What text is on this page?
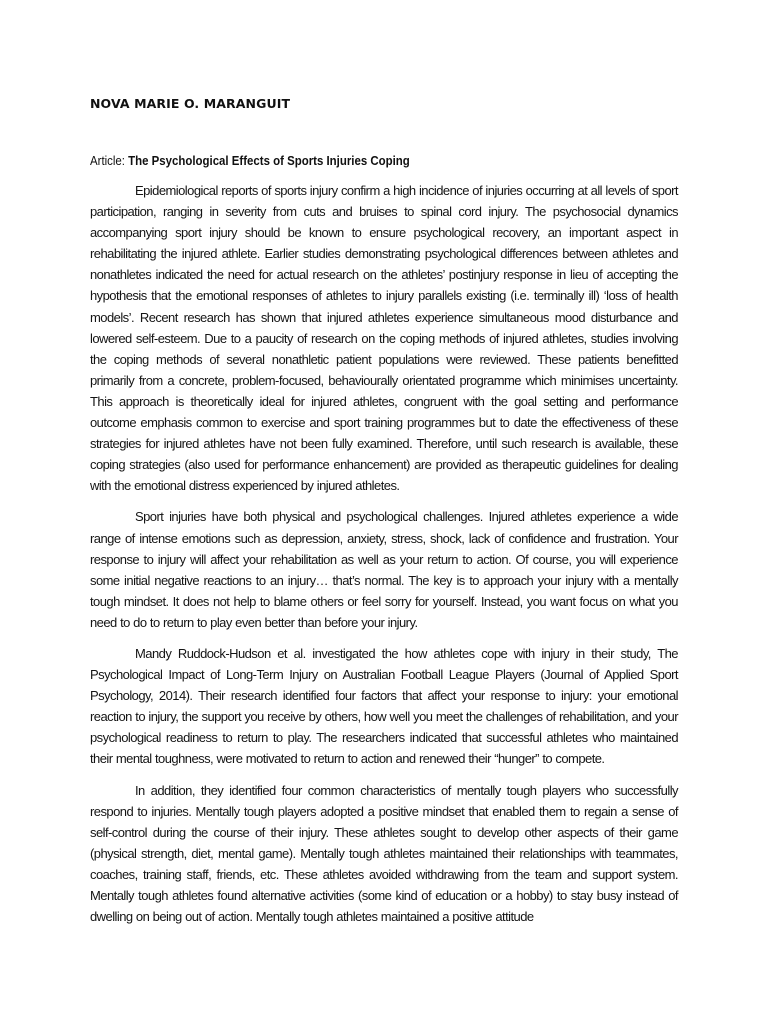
NOVA MARIE O. MARANGUIT

Article: The Psychological Effects of Sports Injuries Coping

Epidemiological reports of sports injury confirm a high incidence of injuries occurring at all levels of sport participation, ranging in severity from cuts and bruises to spinal cord injury. The psychosocial dynamics accompanying sport injury should be known to ensure psychological recovery, an important aspect in rehabilitating the injured athlete. Earlier studies demonstrating psychological differences between athletes and nonathletes indicated the need for actual research on the athletes’ postinjury response in lieu of accepting the hypothesis that the emotional responses of athletes to injury parallels existing (i.e. terminally ill) ‘loss of health models’. Recent research has shown that injured athletes experience simultaneous mood disturbance and lowered self-esteem. Due to a paucity of research on the coping methods of injured athletes, studies involving the coping methods of several nonathletic patient populations were reviewed. These patients benefitted primarily from a concrete, problem-focused, behaviourally orientated programme which minimises uncertainty. This approach is theoretically ideal for injured athletes, congruent with the goal setting and performance outcome emphasis common to exercise and sport training programmes but to date the effectiveness of these strategies for injured athletes have not been fully examined. Therefore, until such research is available, these coping strategies (also used for performance enhancement) are provided as therapeutic guidelines for dealing with the emotional distress experienced by injured athletes.

Sport injuries have both physical and psychological challenges. Injured athletes experience a wide range of intense emotions such as depression, anxiety, stress, shock, lack of confidence and frustration. Your response to injury will affect your rehabilitation as well as your return to action. Of course, you will experience some initial negative reactions to an injury… that’s normal. The key is to approach your injury with a mentally tough mindset. It does not help to blame others or feel sorry for yourself. Instead, you want focus on what you need to do to return to play even better than before your injury.

Mandy Ruddock-Hudson et al. investigated the how athletes cope with injury in their study, The Psychological Impact of Long-Term Injury on Australian Football League Players (Journal of Applied Sport Psychology, 2014). Their research identified four factors that affect your response to injury: your emotional reaction to injury, the support you receive by others, how well you meet the challenges of rehabilitation, and your psychological readiness to return to play. The researchers indicated that successful athletes who maintained their mental toughness, were motivated to return to action and renewed their “hunger” to compete.

In addition, they identified four common characteristics of mentally tough players who successfully respond to injuries. Mentally tough players adopted a positive mindset that enabled them to regain a sense of self-control during the course of their injury. These athletes sought to develop other aspects of their game (physical strength, diet, mental game). Mentally tough athletes maintained their relationships with teammates, coaches, training staff, friends, etc. These athletes avoided withdrawing from the team and support system. Mentally tough athletes found alternative activities (some kind of education or a hobby) to stay busy instead of dwelling on being out of action. Mentally tough athletes maintained a positive attitude
